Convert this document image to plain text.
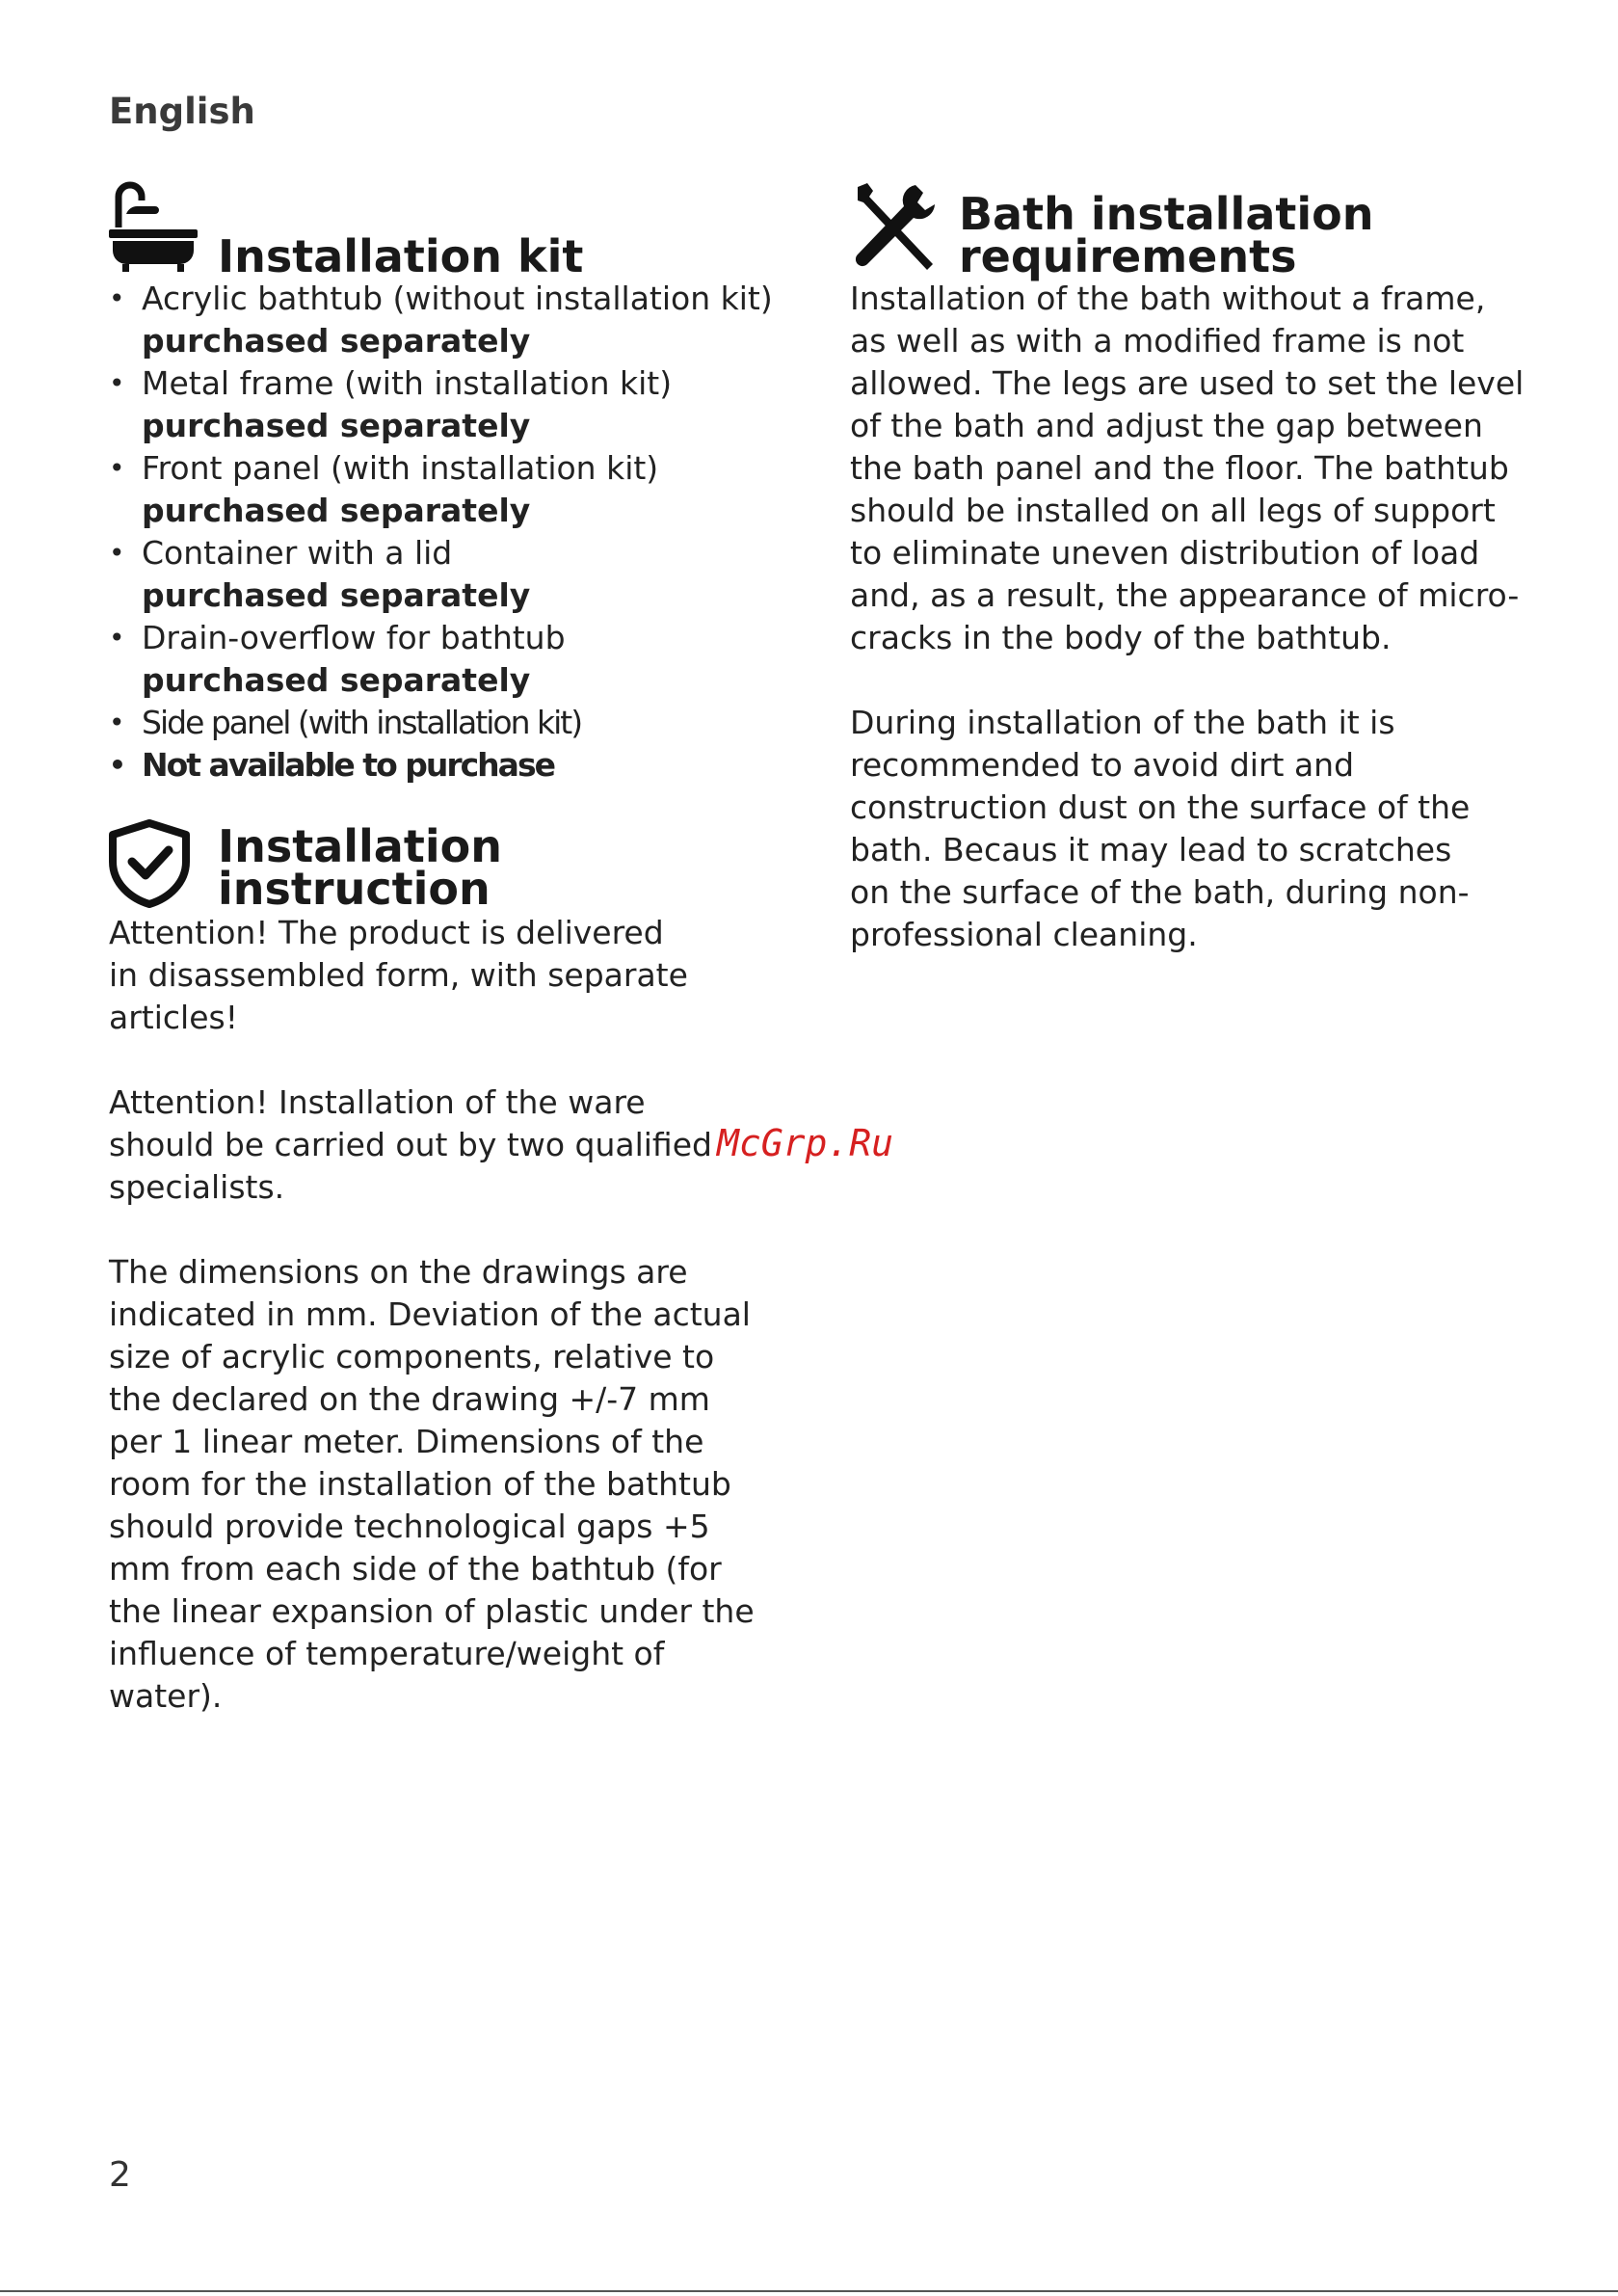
English

Installation kit
• Acrylic bathtub (without installation kit)
purchased separately
• Metal frame (with installation kit)
purchased separately
• Front panel (with installation kit)
purchased separately
• Container with a lid
purchased separately
• Drain-overflow for bathtub
purchased separately
• Side panel (with installation kit)
• Not available to purchase
Installation
instruction

Attention! The product is delivered in disassembled form, with separate articles!

Attention! Installation of the ware should be carried out by two qualified specialists.

The dimensions on the drawings are indicated in mm. Deviation of the actual size of acrylic components, relative to the declared on the drawing +/-7 mm per 1 linear meter. Dimensions of the room for the installation of the bathtub should provide technological gaps +5 mm from each side of the bathtub (for the linear expansion of plastic under the influence of temperature/weight of water).

Bath installation
requirements

Installation of the bath without a frame, as well as with a modified frame is not allowed. The legs are used to set the level of the bath and adjust the gap between the bath panel and the floor. The bathtub should be installed on all legs of support to eliminate uneven distribution of load and, as a result, the appearance of micro-cracks in the body of the bathtub.

During installation of the bath it is recommended to avoid dirt and construction dust on the surface of the bath. Becaus it may lead to scratches on the surface of the bath, during non-professional cleaning.

McGrp.Ru

2
